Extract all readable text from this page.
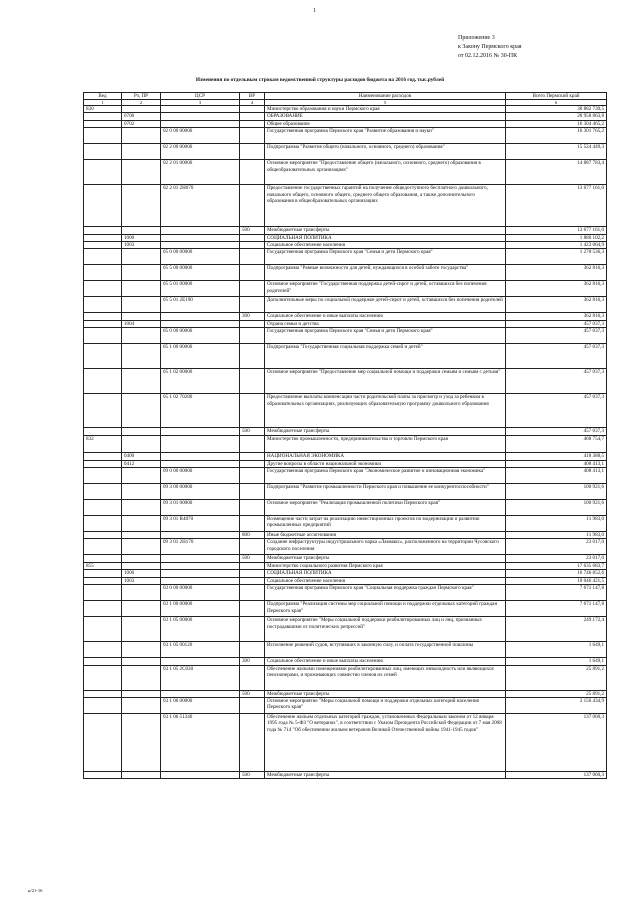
1
Приложение 3
к Закону Пермского края
от 02.12.2016 № 30-ПК
Изменения по отдельным строкам ведомственной структуры расходов бюджета на 2016 год, тыс.рублей
Вед	Рз, ПР	ЦСР	ВР	Наименование расходов	Всего Пермский край
1	2	3	4	5	6
830				Министерство образования и науки Пермского края	30 882 739,5
	0700			ОБРАЗОВАНИЕ	28 958 863,8
	0702			Общее образование	16 304 465,2
		02 0 00 00000		Государственная программа Пермского края "Развитие образования и науки"	16 301 765,2
		02 2 00 00000		Подпрограмма "Развитие общего (начального, основного, среднего) образования"	15 524 449,3
		02 2 01 00000		Основное мероприятие "Предоставление общего (начального, основного, среднего) образования в общеобразовательных организациях"	14 887 783,4
		02 2 01 2Н070		Предоставление государственных гарантий на получение общедоступного бесплатного дошкольного, начального общего, основного общего, среднего общего образования, а также дополнительного образования в общеобразовательных организациях	13 677 161,0
			500	Межбюджетные трансферты	13 677 161,0
	1000			СОЦИАЛЬНАЯ ПОЛИТИКА	1 880 102,2
	1003			Социальное обеспечение населения	1 423 064,9
		05 0 00 00000		Государственная программа Пермского края "Семья и дети Пермского края"	1 278 536,3
		05 5 00 00000		Подпрограмма "Равные возможности для детей, нуждающихся в особой заботе государства"	362 816,3
		05 5 01 00000		Основное мероприятие "Государственная поддержка детей-сирот и детей, оставшихся без попечения родителей"	362 816,3
		05 5 01 2Е190		Дополнительные меры по социальной поддержке детей-сирот и детей, оставшихся без попечения родителей	362 816,3
			300	Социальное обеспечение и иные выплаты населению	362 816,3
	1004			Охрана семьи и детства	457 037,3
		05 0 00 00000		Государственная программа Пермского края "Семья и дети Пермского края"	457 037,3
		05 1 00 00000		Подпрограмма "Государственная социальная поддержка семей и детей"	457 037,3
		05 1 02 00000		Основное мероприятие "Предоставление мер социальной помощи и поддержки семьям и семьям с детьми"	457 037,3
		05 1 02 70280		Предоставление выплаты компенсации части родительской платы за присмотр и уход за ребенком в образовательных организациях, реализующих образовательную программу дошкольного образования	457 037,3
			500	Межбюджетные трансферты	457 037,3
832				Министерство промышленности, предпринимательства и торговли Пермского края	468 754,7
	0400			НАЦИОНАЛЬНАЯ ЭКОНОМИКА	418 388,5
	0412			Другие вопросы в области национальной экономики	408 413,1
		09 0 00 00000		Государственная программа Пермского края "Экономическое развитие и инновационная экономика"	408 413,1
		09 3 00 00000		Подпрограмма "Развитие промышленности Пермского края и повышение ее конкурентоспособности"	100 921,6
		09 3 01 00000		Основное мероприятие "Реализация промышленной политики Пермского края"	100 921,6
		09 3 01 R4870		Возмещение части затрат на реализацию инвестиционных проектов по модернизации и развитию промышленных предприятий	11 983,0
			800	Иные бюджетные ассигнования	11 983,0
		09 3 01 2Н170		Создание инфраструктуры индустриального парка «Ламмакс», расположенного на территории Чусовского городского поселения	23 017,0
			500	Межбюджетные трансферты	23 017,0
855				Министерство социального развития Пермского края	17 635 683,7
	1000			СОЦИАЛЬНАЯ ПОЛИТИКА	16 746 852,6
	1003			Социальное обеспечение населения	10 046 421,5
		03 0 00 00000		Государственная программа Пермского края "Социальная поддержка граждан Пермского края"	7 671 147,8
		03 1 00 00000		Подпрограмма "Реализация системы мер социальной помощи и поддержки отдельных категорий граждан Пермского края"	7 671 147,8
		03 1 05 00000		Основное мероприятие "Меры социальной поддержки реабилитированных лиц и лиц, признанных пострадавшими от политических репрессий"	249 172,4
		03 1 05 00120		Исполнение решений судов, вступивших в законную силу, и оплата государственной пошлины	1 649,1
			300	Социальное обеспечение и иные выплаты населению	1 649,1
		03 1 05 2С030		Обеспечение жилыми помещениями реабилитированных лиц, имеющих инвалидность или являющихся пенсионерами, и проживающих совместно членов их семей	25 891,2
			500	Межбюджетные трансферты	25 891,2
		03 1 06 00000		Основное мероприятие "Меры социальной помощи и поддержки отдельных категорий населения Пермского края"	3 156 434,9
		03 1 06 51340		Обеспечение жильем отдельных категорий граждан, установленных Федеральным законом от 12 января 1995 года № 5-ФЗ "О ветеранах", в соответствии с Указом Президента Российской Федерации от 7 мая 2008 года № 714 "Об обеспечении жильем ветеранов Великой Отечественной войны 1941-1945 годов"	137 060,3
			500	Межбюджетные трансферты	137 060,3
н/21-16
